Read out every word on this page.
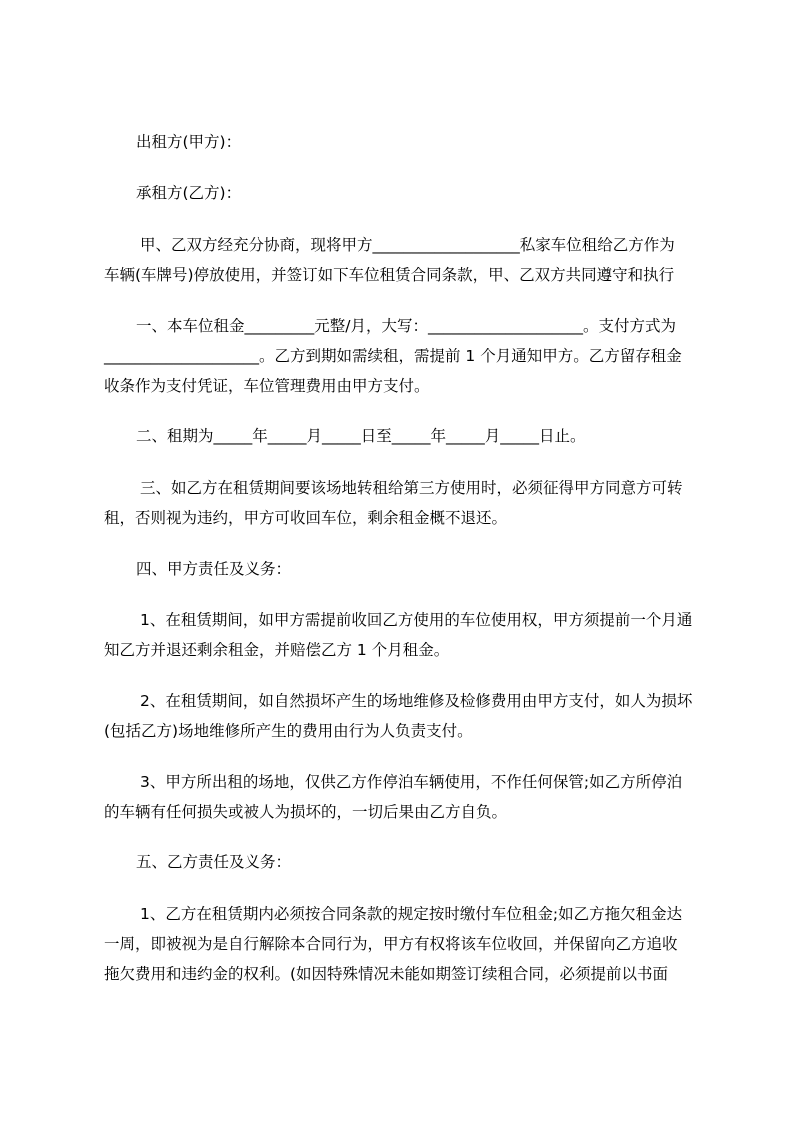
出租方(甲方)：
承租方(乙方)：
甲、乙双方经充分协商，现将甲方___________________私家车位租给乙方作为
车辆(车牌号)停放使用，并签订如下车位租赁合同条款，甲、乙双方共同遵守和执行
一、本车位租金_________元整/月，大写：____________________。支付方式为
____________________。乙方到期如需续租，需提前 1 个月通知甲方。乙方留存租金
收条作为支付凭证，车位管理费用由甲方支付。
二、租期为_____年_____月_____日至_____年_____月_____日止。
三、如乙方在租赁期间要该场地转租给第三方使用时，必须征得甲方同意方可转
租，否则视为违约，甲方可收回车位，剩余租金概不退还。
四、甲方责任及义务：
1、在租赁期间，如甲方需提前收回乙方使用的车位使用权，甲方须提前一个月通
知乙方并退还剩余租金，并赔偿乙方 1 个月租金。
2、在租赁期间，如自然损坏产生的场地维修及检修费用由甲方支付，如人为损坏
(包括乙方)场地维修所产生的费用由行为人负责支付。
3、甲方所出租的场地，仅供乙方作停泊车辆使用，不作任何保管;如乙方所停泊
的车辆有任何损失或被人为损坏的，一切后果由乙方自负。
五、乙方责任及义务：
1、乙方在租赁期内必须按合同条款的规定按时缴付车位租金;如乙方拖欠租金达
一周，即被视为是自行解除本合同行为，甲方有权将该车位收回，并保留向乙方追收
拖欠费用和违约金的权利。(如因特殊情况未能如期签订续租合同，必须提前以书面
